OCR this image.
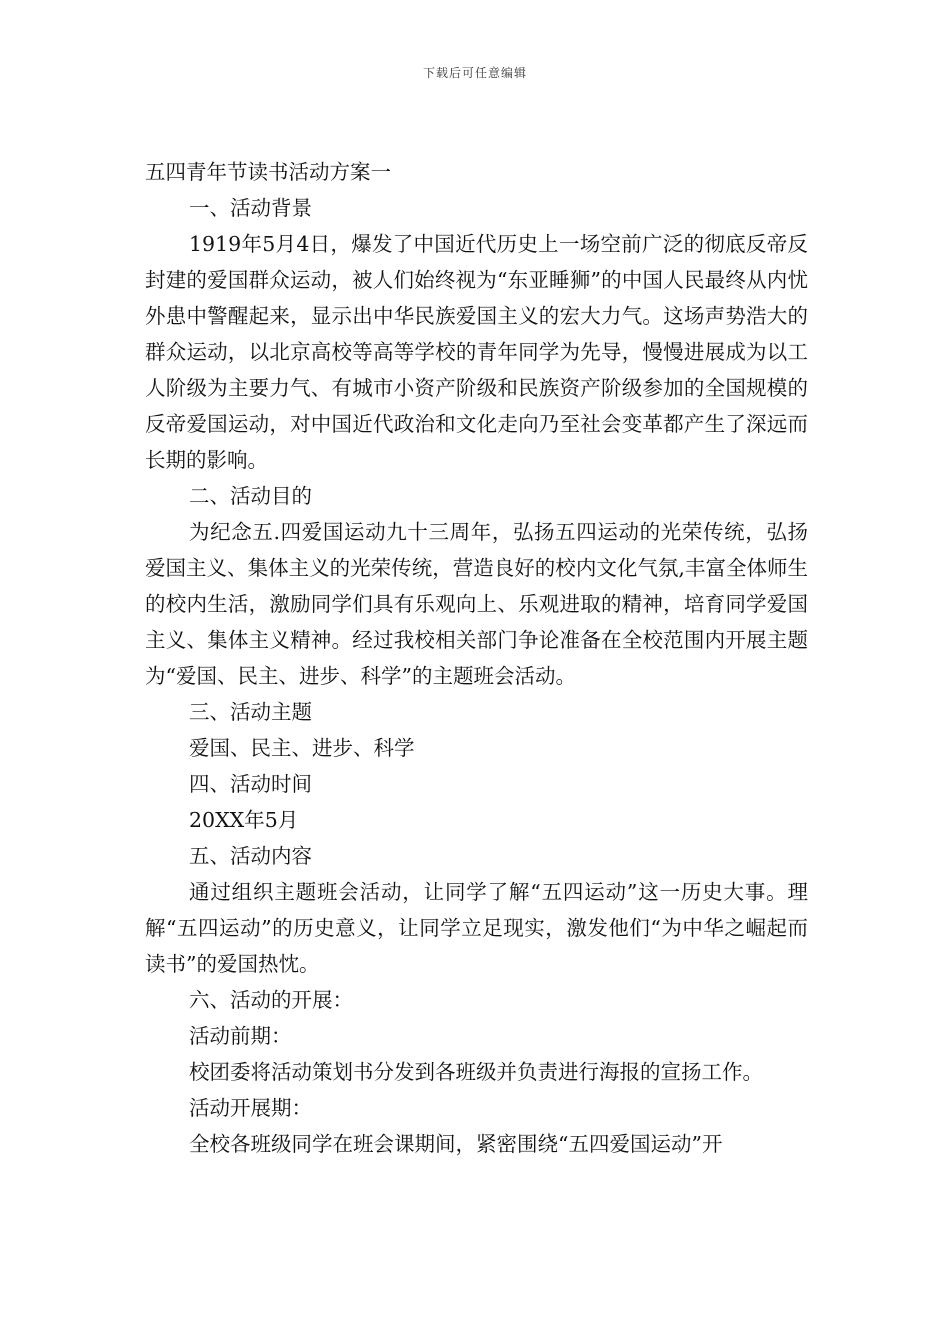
下载后可任意编辑

五四青年节读书活动方案一

一、活动背景

1919年5月4日，爆发了中国近代历史上一场空前广泛的彻底反帝反封建的爱国群众运动，被人们始终视为“东亚睡狮”的中国人民最终从内忧外患中警醒起来，显示出中华民族爱国主义的宏大力气。这场声势浩大的群众运动，以北京高校等高等学校的青年同学为先导，慢慢进展成为以工人阶级为主要力气、有城市小资产阶级和民族资产阶级参加的全国规模的反帝爱国运动，对中国近代政治和文化走向乃至社会变革都产生了深远而长期的影响。

二、活动目的

为纪念五.四爱国运动九十三周年，弘扬五四运动的光荣传统，弘扬爱国主义、集体主义的光荣传统，营造良好的校内文化气氛,丰富全体师生的校内生活，激励同学们具有乐观向上、乐观进取的精神，培育同学爱国主义、集体主义精神。经过我校相关部门争论准备在全校范围内开展主题为“爱国、民主、进步、科学”的主题班会活动。

三、活动主题

爱国、民主、进步、科学

四、活动时间

20XX年5月

五、活动内容

通过组织主题班会活动，让同学了解“五四运动”这一历史大事。理解“五四运动”的历史意义，让同学立足现实，激发他们“为中华之崛起而读书”的爱国热忱。

六、活动的开展：

活动前期：

校团委将活动策划书分发到各班级并负责进行海报的宣扬工作。

活动开展期：

全校各班级同学在班会课期间，紧密围绕“五四爱国运动”开
